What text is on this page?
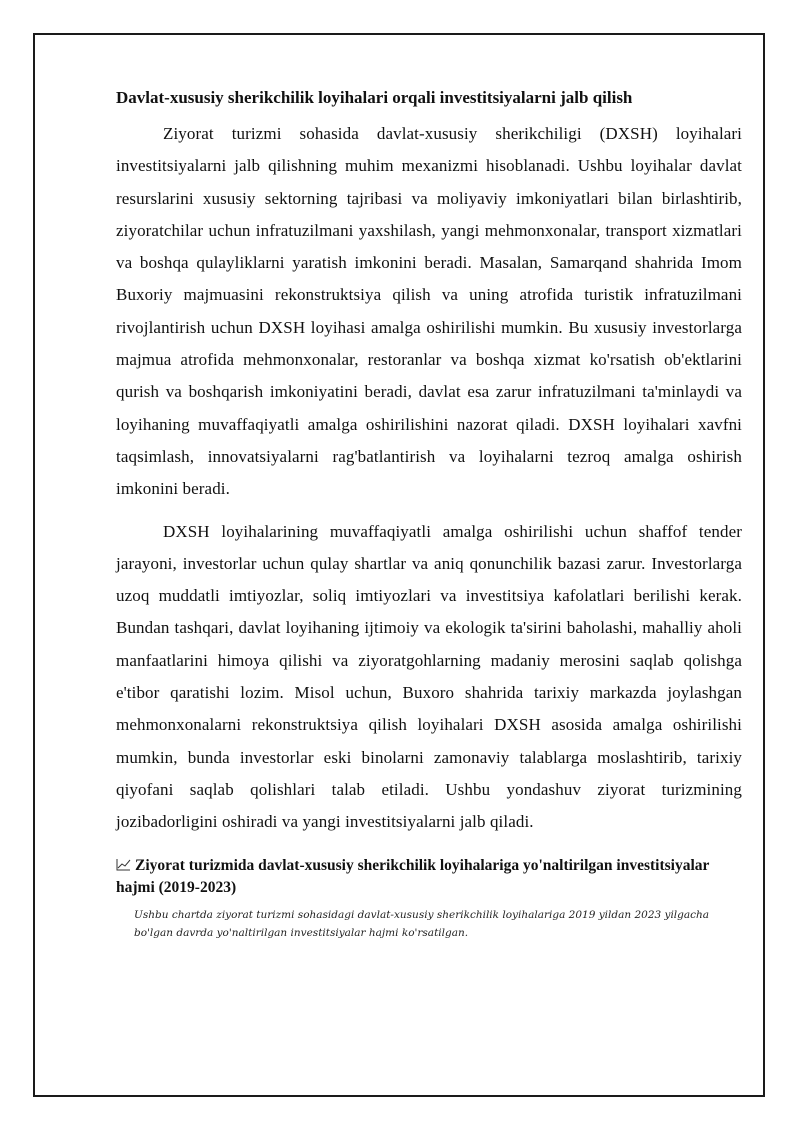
Davlat-xususiy sherikchilik loyihalari orqali investitsiyalarni jalb qilish

Ziyorat turizmi sohasida davlat-xususiy sherikchiligi (DXSH) loyihalari investitsiyalarni jalb qilishning muhim mexanizmi hisoblanadi. Ushbu loyihalar davlat resurslarini xususiy sektorning tajribasi va moliyaviy imkoniyatlari bilan birlashtirib, ziyoratchilar uchun infratuzilmani yaxshilash, yangi mehmonxonalar, transport xizmatlari va boshqa qulayliklarni yaratish imkonini beradi. Masalan, Samarqand shahrida Imom Buxoriy majmuasini rekonstruktsiya qilish va uning atrofida turistik infratuzilmani rivojlantirish uchun DXSH loyihasi amalga oshirilishi mumkin. Bu xususiy investorlarga majmua atrofida mehmonxonalar, restoranlar va boshqa xizmat ko'rsatish ob'ektlarini qurish va boshqarish imkoniyatini beradi, davlat esa zarur infratuzilmani ta'minlaydi va loyihaning muvaffaqiyatli amalga oshirilishini nazorat qiladi. DXSH loyihalari xavfni taqsimlash, innovatsiyalarni rag'batlantirish va loyihalarni tezroq amalga oshirish imkonini beradi.

DXSH loyihalarining muvaffaqiyatli amalga oshirilishi uchun shaffof tender jarayoni, investorlar uchun qulay shartlar va aniq qonunchilik bazasi zarur. Investorlarga uzoq muddatli imtiyozlar, soliq imtiyozlari va investitsiya kafolatlari berilishi kerak. Bundan tashqari, davlat loyihaning ijtimoiy va ekologik ta'sirini baholashi, mahalliy aholi manfaatlarini himoya qilishi va ziyoratgohlarning madaniy merosini saqlab qolishga e'tibor qaratishi lozim. Misol uchun, Buxoro shahrida tarixiy markazda joylashgan mehmonxonalarni rekonstruktsiya qilish loyihalari DXSH asosida amalga oshirilishi mumkin, bunda investorlar eski binolarni zamonaviy talablarga moslashtirib, tarixiy qiyofani saqlab qolishlari talab etiladi. Ushbu yondashuv ziyorat turizmining jozibadorligini oshiradi va yangi investitsiyalarni jalb qiladi.

Ziyorat turizmida davlat-xususiy sherikchilik loyihalariga yo'naltirilgan investitsiyalar hajmi (2019-2023)

Ushbu chartda ziyorat turizmi sohasidagi davlat-xususiy sherikchilik loyihalariga 2019 yildan 2023 yilgacha bo'lgan davrda yo'naltirilgan investitsiyalar hajmi ko'rsatilgan.
